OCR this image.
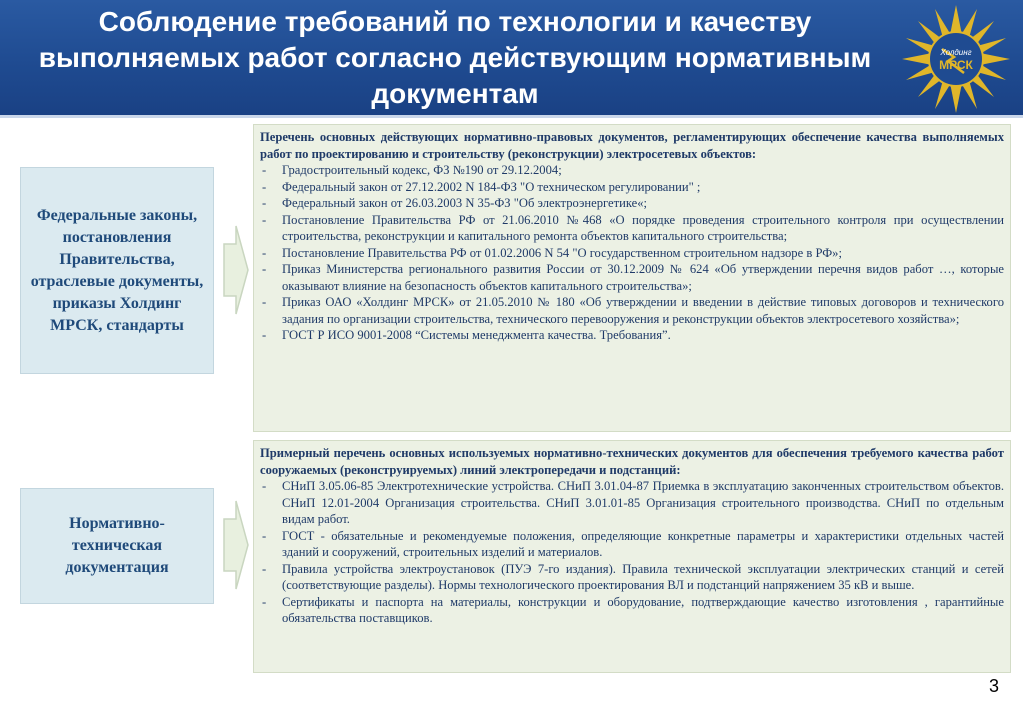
Соблюдение требований по технологии и качеству выполняемых работ согласно действующим нормативным документам
Холдинг
МРСК
Федеральные законы, постановления Правительства, отраслевые документы, приказы Холдинг МРСК, стандарты
Нормативно-техническая документация
Перечень основных действующих нормативно-правовых документов, регламентирующих обеспечение качества выполняемых работ по проектированию и строительству (реконструкции) электросетевых объектов:
- Градостроительный кодекс, ФЗ №190 от 29.12.2004;
- Федеральный закон от 27.12.2002 N 184-ФЗ "О техническом регулировании" ;
- Федеральный закон от 26.03.2003 N 35-ФЗ "Об электроэнергетике«;
- Постановление Правительства РФ от 21.06.2010 №468 «О порядке проведения строительного контроля при осуществлении строительства, реконструкции и капитального ремонта объектов капитального строительства;
- Постановление Правительства РФ от 01.02.2006 N 54 "О государственном строительном надзоре в РФ»;
- Приказ Министерства регионального развития России от 30.12.2009 № 624 «Об утверждении перечня видов работ …, которые оказывают влияние на безопасность объектов капитального строительства»;
- Приказ ОАО «Холдинг МРСК» от 21.05.2010 № 180 «Об утверждении и введении в действие типовых договоров и технического задания по организации строительства, технического перевооружения и реконструкции объектов электросетевого хозяйства»;
- ГОСТ Р ИСО 9001-2008 “Системы менеджмента качества. Требования”.
Примерный перечень основных используемых нормативно-технических документов для обеспечения требуемого качества работ сооружаемых (реконструируемых) линий электропередачи и подстанций:
- СНиП 3.05.06-85 Электротехнические устройства. СНиП 3.01.04-87 Приемка в эксплуатацию законченных строительством объектов. СНиП 12.01-2004 Организация строительства. СНиП 3.01.01-85 Организация строительного производства. СНиП по отдельным видам работ.
- ГОСТ - обязательные и рекомендуемые положения, определяющие конкретные параметры и характеристики отдельных частей зданий и сооружений, строительных изделий и материалов.
- Правила устройства электроустановок (ПУЭ 7-го издания). Правила технической эксплуатации электрических станций и сетей (соответствующие разделы). Нормы технологического проектирования ВЛ и подстанций напряжением 35 кВ и выше.
- Сертификаты и паспорта на материалы, конструкции и оборудование, подтверждающие качество изготовления , гарантийные обязательства поставщиков.
3
